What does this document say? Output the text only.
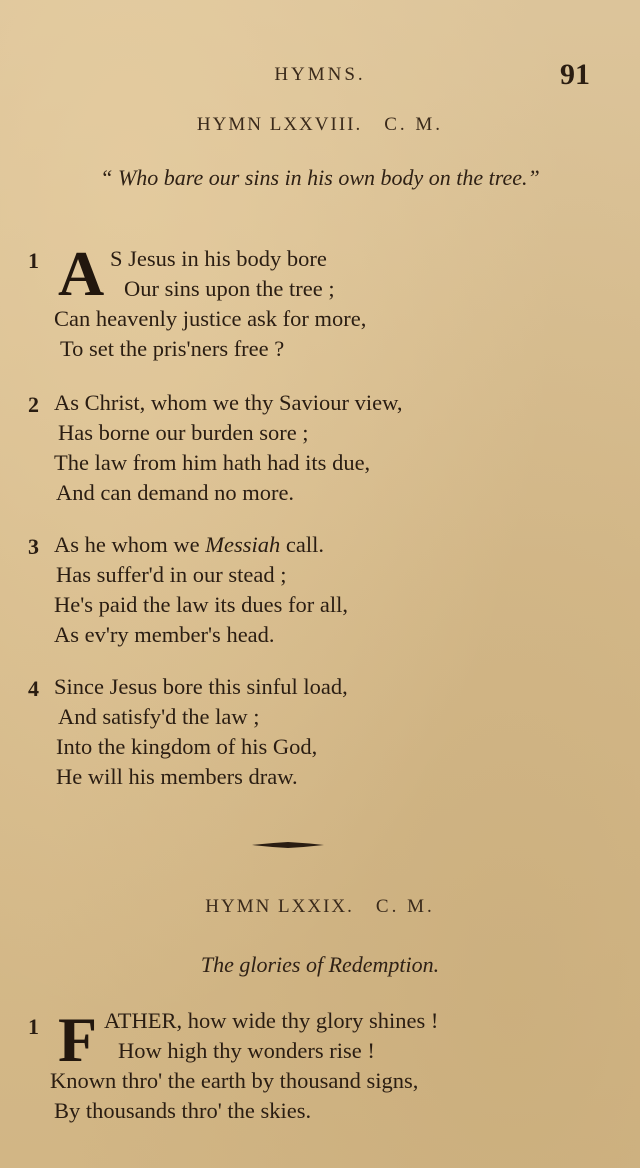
HYMNS.	91
HYMN LXXVIII. C. M.
“ Who bare our sins in his own body on the tree.”
1 A S Jesus in his body bore
Our sins upon the tree ;
Can heavenly justice ask for more,
To set the pris'ners free ?
2 As Christ, whom we thy Saviour view,
Has borne our burden sore ;
The law from him hath had its due,
And can demand no more.
3 As he whom we Messiah call.
Has suffer'd in our stead ;
He's paid the law its dues for all,
As ev'ry member's head.
4 Since Jesus bore this sinful load,
And satisfy'd the law ;
Into the kingdom of his God,
He will his members draw.
HYMN LXXIX. C. M.
The glories of Redemption.
1 F ATHER, how wide thy glory shines !
How high thy wonders rise !
Known thro' the earth by thousand signs,
By thousands thro' the skies.
